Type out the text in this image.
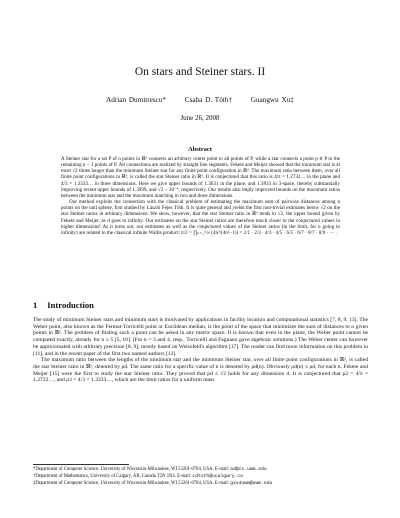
On stars and Steiner stars. II
Adrian Dumitrescu*	Csaba D. Tóth†	Guangwu Xu‡
June 26, 2008
Abstract

A Steiner star for a set P of n points in ℝᵈ connects an arbitrary center point to all points of P, while a star connects a point p ∈ P to the remaining n − 1 points of P. All connections are realized by straight line segments. Fekete and Meijer showed that the minimum star is at most √2 times longer than the minimum Steiner star for any finite point configuration in ℝᵈ. The maximum ratio between them, over all finite point configurations in ℝᵈ, is called the star Steiner ratio in ℝᵈ. It is conjectured that this ratio is 4/π = 1.2732… in the plane and 4/3 = 1.3333… in three dimensions. Here we give upper bounds of 1.3631 in the plane, and 1.3833 in 3-space, thereby substantially improving recent upper bounds of 1.3999, and √2 − 10⁻⁴, respectively. Our results also imply improved bounds on the maximum ratios between the minimum star and the maximum matching in two and three dimensions.

Our method exploits the connection with the classical problem of estimating the maximum sum of pairwise distances among n points on the unit sphere, first studied by László Fejes Tóth. It is quite general and yields the first non-trivial estimates below √2 on the star Steiner ratios in arbitrary dimensions. We show, however, that the star Steiner ratio in ℝᵈ tends to √2, the upper bound given by Fekete and Meijer, as d goes to infinity. Our estimates on the star Steiner ratios are therefore much closer to the conjectured values in higher dimensions! As it turns out, our estimates as well as the conjectured values of the Steiner ratios (in the limit, for n going to infinity) are related to the classical infinite Wallis product: π/2 = ∏ₙ₌₁^∞ (4n²/(4n²−1)) = 2/1 · 2/3 · 4/3 · 4/5 · 6/5 · 6/7 · 8/7 · 8/9 · ⋯ .

1 Introduction

The study of minimum Steiner stars and minimum stars is motivated by applications in facility location and computational statistics [7, 8, 9, 13]. The Weber point, also known as the Fermat-Torricelli point or Euclidean median, is the point of the space that minimizes the sum of distances to n given points in ℝᵈ. The problem of finding such a point can be asked in any metric space. It is known that even in the plane, the Weber point cannot be computed exactly, already for n ≥ 5 [5, 10]. (For n = 3 and 4, resp., Torricelli and Fagnano gave algebraic solutions.) The Weber center can however be approximated with arbitrary precision [8, 9], mostly based on Weiszfeld's algorithm [17]. The reader can find more information on this problem in [11], and in the recent paper of the first two named authors [12].

The maximum ratio between the lengths of the minimum star and the minimum Steiner star, over all finite point configurations in ℝᵈ, is called the star Steiner ratio in ℝᵈ, denoted by ρd. The same ratio for a specific value of n is denoted by ρd(n). Obviously ρd(n) ≤ ρd, for each n. Fekete and Meijer [15] were the first to study the star Steiner ratio. They proved that ρd ≤ √2 holds for any dimension d. It is conjectured that ρ2 = 4/π = 1.2732…, and ρ3 = 4/3 = 1.3333…, which are the limit ratios for a uniform mass

*Department of Computer Science, University of Wisconsin-Milwaukee, WI 53201-0784, USA. E-mail: ad@cs.uwm.edu
†Department of Mathematics, University of Calgary, AB, Canada T2N 1N4. E-mail: cdtoth@ucalgary.ca
‡Department of Computer Science, University of Wisconsin-Milwaukee, WI 53201-0784, USA. E-mail: gxu4uwm@uwm.edu
